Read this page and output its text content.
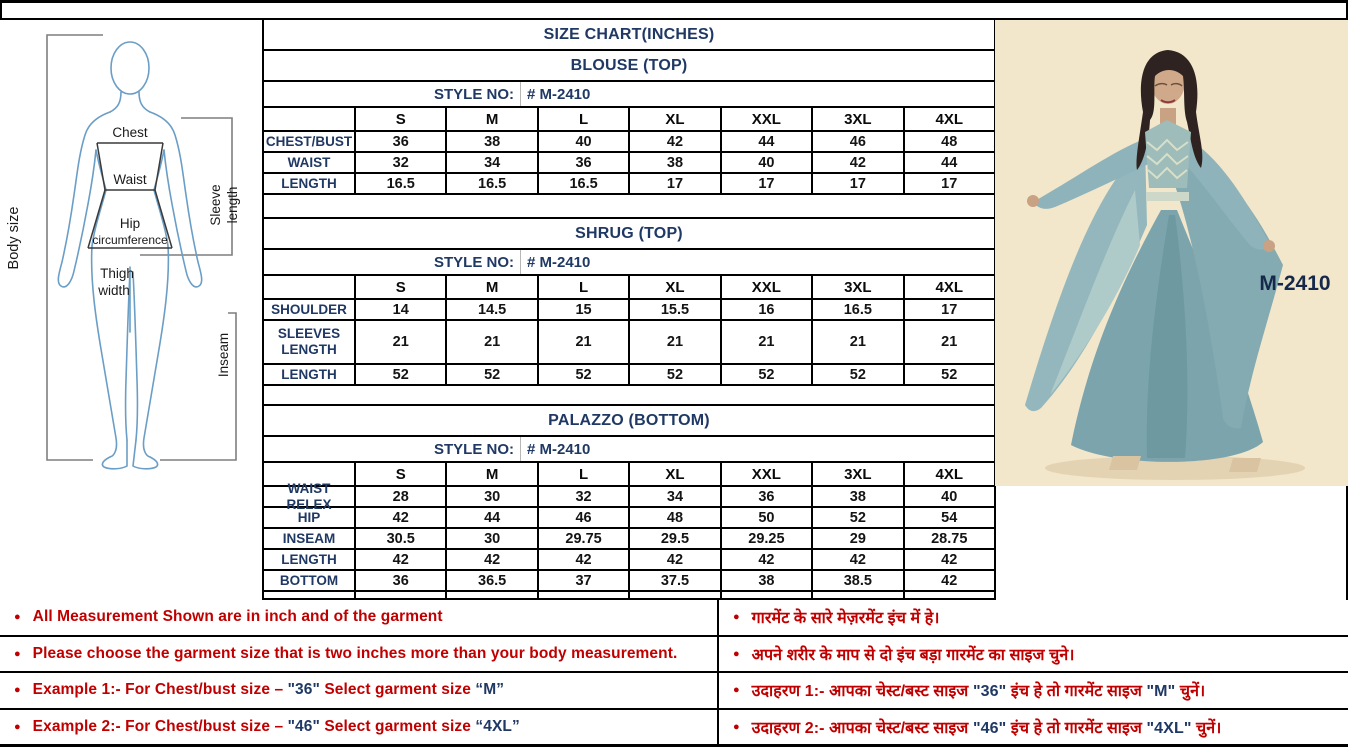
Chest
Waist
Hip
circumference
Thigh
width
Body size
Sleeve length
Inseam
SIZE CHART(INCHES)
BLOUSE (TOP)
STYLE NO: # M-2410
S	M	L	XL	XXL	3XL	4XL
CHEST/BUST	36	38	40	42	44	46	48
WAIST	32	34	36	38	40	42	44
LENGTH	16.5	16.5	16.5	17	17	17	17
SHRUG (TOP)
STYLE NO: # M-2410
S	M	L	XL	XXL	3XL	4XL
SHOULDER	14	14.5	15	15.5	16	16.5	17
SLEEVES LENGTH	21	21	21	21	21	21	21
LENGTH	52	52	52	52	52	52	52
PALAZZO (BOTTOM)
STYLE NO: # M-2410
S	M	L	XL	XXL	3XL	4XL
WAIST RELEX	28	30	32	34	36	38	40
HIP	42	44	46	48	50	52	54
INSEAM	30.5	30	29.75	29.5	29.25	29	28.75
LENGTH	42	42	42	42	42	42	42
BOTTOM	36	36.5	37	37.5	38	38.5	42
M-2410
● All Measurement Shown are in inch and of the garment
● Please choose the garment size that is two inches more than your body measurement.
● Example 1:- For Chest/bust size – "36" Select garment size “M”
● Example 2:- For Chest/bust size – "46" Select garment size “4XL”
● गारमेंट के सारे मेज़रमेंट इंच में हे।
● अपने शरीर के माप से दो इंच बड़ा गारमेंट का साइज चुने।
● उदाहरण 1:- आपका चेस्ट/बस्ट साइज "36" इंच हे तो गारमेंट साइज "M" चुनें।
● उदाहरण 2:- आपका चेस्ट/बस्ट साइज "46" इंच हे तो गारमेंट साइज "4XL" चुनें।
